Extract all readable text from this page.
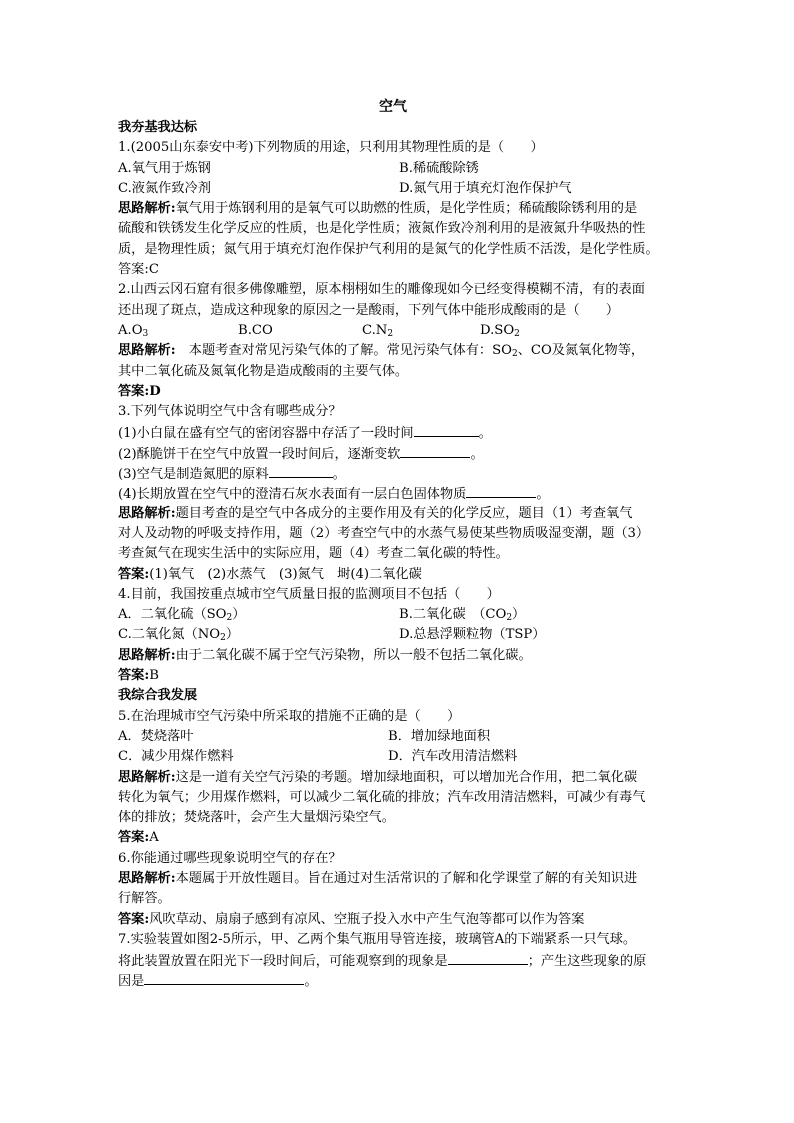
空气
我夯基我达标
1.(2005山东泰安中考)下列物质的用途，只利用其物理性质的是（　　）
A.氧气用于炼钢	B.稀硫酸除锈
C.液氮作致冷剂	D.氮气用于填充灯泡作保护气
思路解析:氧气用于炼钢利用的是氧气可以助燃的性质，是化学性质；稀硫酸除锈利用的是
硫酸和铁锈发生化学反应的性质，也是化学性质；液氮作致冷剂利用的是液氮升华吸热的性
质，是物理性质；氮气用于填充灯泡作保护气利用的是氮气的化学性质不活泼，是化学性质。
答案:C
2.山西云冈石窟有很多佛像雕塑，原本栩栩如生的雕像现如今已经变得模糊不清，有的表面
还出现了斑点，造成这种现象的原因之一是酸雨，下列气体中能形成酸雨的是（　　）
$A.O_3$	B.CO	$C.N_2$	$D.SO_2$
思路解析:　本题考查对常见污染气体的了解。常见污染气体有：$SO_2$、CO及氮氧化物等，
其中二氧化硫及氮氧化物是造成酸雨的主要气体。
答案:D
3.下列气体说明空气中含有哪些成分？
(1)小白鼠在盛有空气的密闭容器中存活了一段时间	。
(2)酥脆饼干在空气中放置一段时间后，逐渐变软	。
(3)空气是制造氮肥的原料	。
(4)长期放置在空气中的澄清石灰水表面有一层白色固体物质	。
思路解析:题目考查的是空气中各成分的主要作用及有关的化学反应，题目（1）考查氧气
对人及动物的呼吸支持作用，题（2）考查空气中的水蒸气易使某些物质吸湿变潮，题（3）
考查氮气在现实生活中的实际应用，题（4）考查二氧化碳的特性。
答案:(1)氧气　(2)水蒸气　(3)氮气　埘(4)二氧化碳
4.目前，我国按重点城市空气质量日报的监测项目不包括（　　）
A．二氧化硫$(SO_2)$	B.二氧化碳　$(CO_2)$
C.二氧化氮$(NO_2)$	D.总悬浮颗粒物（TSP）
思路解析:由于二氧化碳不属于空气污染物，所以一般不包括二氧化碳。
答案:B
我综合我发展
5.在治理城市空气污染中所采取的措施不正确的是（　　）
A．焚烧落叶	B．增加绿地面积
C．减少用煤作燃料	D．汽车改用清洁燃料
思路解析:这是一道有关空气污染的考题。增加绿地面积，可以增加光合作用，把二氧化碳
转化为氧气；少用煤作燃料，可以减少二氧化硫的排放；汽车改用清洁燃料，可减少有毒气
体的排放；焚烧落叶，会产生大量烟污染空气。
答案:A
6.你能通过哪些现象说明空气的存在？
思路解析:本题属于开放性题目。旨在通过对生活常识的了解和化学课堂了解的有关知识进
行解答。
答案:风吹草动、扇扇子感到有凉风、空瓶子投入水中产生气泡等都可以作为答案
7.实验装置如图2-5所示，甲、乙两个集气瓶用导管连接，玻璃管A的下端紧系一只气球。
将此装置放置在阳光下一段时间后，可能观察到的现象是	；产生这些现象的原
因是	。
